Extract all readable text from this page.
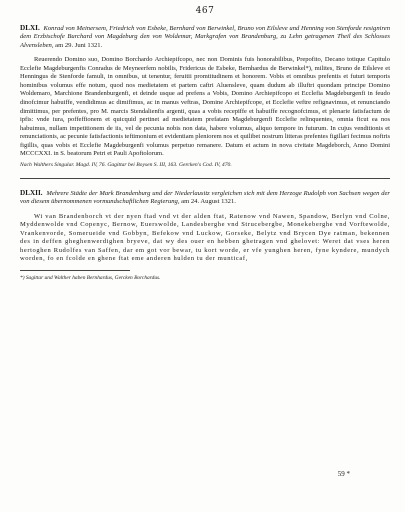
467
DLXI. Konrad von Meinersem, Friedrich von Esbeke, Bernhard von Berwinkel, Bruno von Eilsleve und Henning von Stenforde resigniren dem Erzbischofe Burchard von Magdeburg den von Woldemar, Markgrafen von Brandenburg, zu Lehn getragenen Theil des Schlosses Alvensleben, am 29. Juni 1321.

Reuerendo Domino suo, Domino Borchardo Archiepifcopo, nec non Dominis fuis honorabilibus, Prepofito, Decano totique Capitulo Ecclefie Magdeburgenfis Conradus de Meyneerfem nobilis, Fridericus de Esbeke, Bernhardus de Berwinkel*), milites, Bruno de Eilsleve et Henningus de Stenforde famuli, in omnibus, ut tenentur, feruitii promtitudinem et honorem. Vobis et omnibus prefentis et futuri temporis hominibus volumus effe notum, quod nos medietatem et partem caftri Aluensleve, quam dudum ab illuftri quondam principe Domino Woldemaro, Marchione Brandenburgenfi, et deinde usque ad prefens a Vobis, Domino Archiepifcopo et Ecclefia Magdeburgenfi in feudo dinofcimur habuiffe, vendidimus ac dimifimus, ac in manus veftras, Domine Archiepifcope, et Ecclefie veftre refignavimus, et renunciando dimittimus, per prefentes, pro M. marcis Stendalienfis argenti, quas a vobis recepiffe et habuiffe recognofcimus, et plenarie fatisfactum de ipfis: vnde iura, poffeffionem et quicquid pertinet ad medietatem prefatam Magdeburgenfi Ecclefie relinquentes, omnia ficut ea nos habuimus, nullam impetitionem de iis, vel de pecunia nobis non data, habere volumus, aliquo tempore in futurum. In cujus venditionis et renunciationis, ac pecunie fatisfactionis teftimonium et evidentiam pleniorem nos et quilibet nostrum litteras prefentes figillari fecimus noftris figillis, quas vobis et Ecclefie Magdeburgenfi volumus perpetuo remanere. Datum et actum in nova civitate Magdeborch, Anno Domini MCCCXXI. in S. beatorum Petri et Pauli Apoftolorum.

Nach Walthers Singular. Magd. IV, 76. Gagittar bei Boysen S. III, 163. Gercken's Cod. IV, 470.
DLXII. Mehrere Städte der Mark Brandenburg und der Niederlausitz vergleichen sich mit dem Herzoge Rudolph von Sachsen wegen der von diesem übernommenen vormundschaftlichen Regierung, am 24. August 1321.

Wi van Brandenborch vt der nyen ftad vnd vt der alden ftat, Ratenow vnd Nawen, Spandow, Berlyn vnd Colne, Myddenwolde vnd Copenyc, Bernow, Euerswolde, Landesberghe vnd Strucebergbe, Monekeberghe vnd Vorftewolde, Vrankenvorde, Somerueide vnd Gobbyn, Befekow vnd Luckow, Gorseke, Belytz vnd Brycen Dye ratman, bekennen des in deffen gheghenwerdighen bryeve, dat wy des ouer en hebben ghetragen vnd ghelovet: Weret dat vses heren hertoghen Rudolfes van Saffen, dar em got vor bewar, tu kort worde, er vfe yunghen heren, fyne kyndere, mundych worden, fo en fcolde en ghene ftat eme anderen hulden tu der munticaf,

*) Sagittar und Walther haben Bernhardus, Gercken Borchardus.
59 *
